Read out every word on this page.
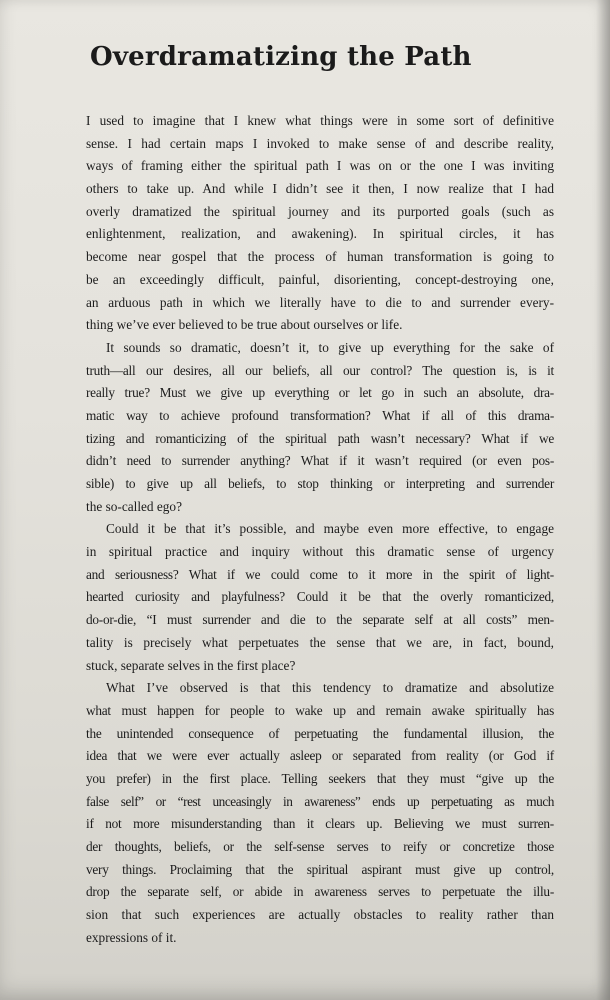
Overdramatizing the Path

I used to imagine that I knew what things were in some sort of definitive
sense. I had certain maps I invoked to make sense of and describe reality,
ways of framing either the spiritual path I was on or the one I was inviting
others to take up. And while I didn’t see it then, I now realize that I had
overly dramatized the spiritual journey and its purported goals (such as
enlightenment, realization, and awakening). In spiritual circles, it has
become near gospel that the process of human transformation is going to
be an exceedingly difficult, painful, disorienting, concept-destroying one,
an arduous path in which we literally have to die to and surrender every-
thing we’ve ever believed to be true about ourselves or life.

It sounds so dramatic, doesn’t it, to give up everything for the sake of
truth—all our desires, all our beliefs, all our control? The question is, is it
really true? Must we give up everything or let go in such an absolute, dra-
matic way to achieve profound transformation? What if all of this drama-
tizing and romanticizing of the spiritual path wasn’t necessary? What if we
didn’t need to surrender anything? What if it wasn’t required (or even pos-
sible) to give up all beliefs, to stop thinking or interpreting and surrender
the so-called ego?

Could it be that it’s possible, and maybe even more effective, to engage
in spiritual practice and inquiry without this dramatic sense of urgency
and seriousness? What if we could come to it more in the spirit of light-
hearted curiosity and playfulness? Could it be that the overly romanticized,
do-or-die, “I must surrender and die to the separate self at all costs” men-
tality is precisely what perpetuates the sense that we are, in fact, bound,
stuck, separate selves in the first place?

What I’ve observed is that this tendency to dramatize and absolutize
what must happen for people to wake up and remain awake spiritually has
the unintended consequence of perpetuating the fundamental illusion, the
idea that we were ever actually asleep or separated from reality (or God if
you prefer) in the first place. Telling seekers that they must “give up the
false self” or “rest unceasingly in awareness” ends up perpetuating as much
if not more misunderstanding than it clears up. Believing we must surren-
der thoughts, beliefs, or the self-sense serves to reify or concretize those
very things. Proclaiming that the spiritual aspirant must give up control,
drop the separate self, or abide in awareness serves to perpetuate the illu-
sion that such experiences are actually obstacles to reality rather than
expressions of it.
